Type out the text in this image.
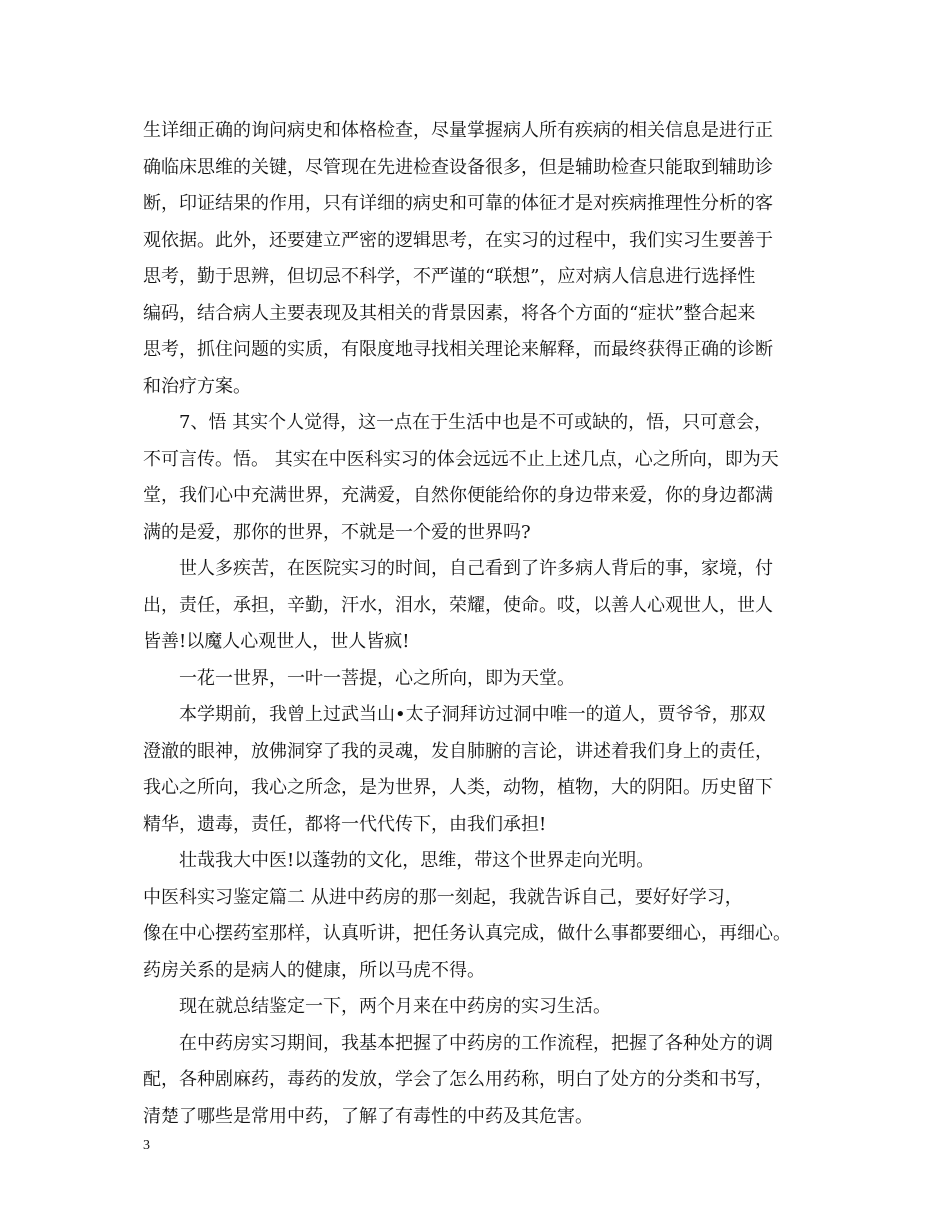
生详细正确的询问病史和体格检查，尽量掌握病人所有疾病的相关信息是进行正
确临床思维的关键，尽管现在先进检查设备很多，但是辅助检查只能取到辅助诊
断，印证结果的作用，只有详细的病史和可靠的体征才是对疾病推理性分析的客
观依据。此外，还要建立严密的逻辑思考，在实习的过程中，我们实习生要善于
思考，勤于思辨，但切忌不科学，不严谨的“联想”，应对病人信息进行选择性
编码，结合病人主要表现及其相关的背景因素，将各个方面的“症状”整合起来
思考，抓住问题的实质，有限度地寻找相关理论来解释，而最终获得正确的诊断
和治疗方案。
7、悟 其实个人觉得，这一点在于生活中也是不可或缺的，悟，只可意会，
不可言传。悟。 其实在中医科实习的体会远远不止上述几点，心之所向，即为天
堂，我们心中充满世界，充满爱，自然你便能给你的身边带来爱，你的身边都满
满的是爱，那你的世界，不就是一个爱的世界吗?
世人多疾苦，在医院实习的时间，自己看到了许多病人背后的事，家境，付
出，责任，承担，辛勤，汗水，泪水，荣耀，使命。哎，以善人心观世人，世人
皆善!以魔人心观世人，世人皆疯!
一花一世界，一叶一菩提，心之所向，即为天堂。
本学期前，我曾上过武当山•太子洞拜访过洞中唯一的道人，贾爷爷，那双
澄澈的眼神，放佛洞穿了我的灵魂，发自肺腑的言论，讲述着我们身上的责任，
我心之所向，我心之所念，是为世界，人类，动物，植物，大的阴阳。历史留下
精华，遗毒，责任，都将一代代传下，由我们承担!
壮哉我大中医!以蓬勃的文化，思维，带这个世界走向光明。
中医科实习鉴定篇二 从进中药房的那一刻起，我就告诉自己，要好好学习，
像在中心摆药室那样，认真听讲，把任务认真完成，做什么事都要细心，再细心。
药房关系的是病人的健康，所以马虎不得。
现在就总结鉴定一下，两个月来在中药房的实习生活。
在中药房实习期间，我基本把握了中药房的工作流程，把握了各种处方的调
配，各种剧麻药，毒药的发放，学会了怎么用药称，明白了处方的分类和书写，
清楚了哪些是常用中药，了解了有毒性的中药及其危害。
3
